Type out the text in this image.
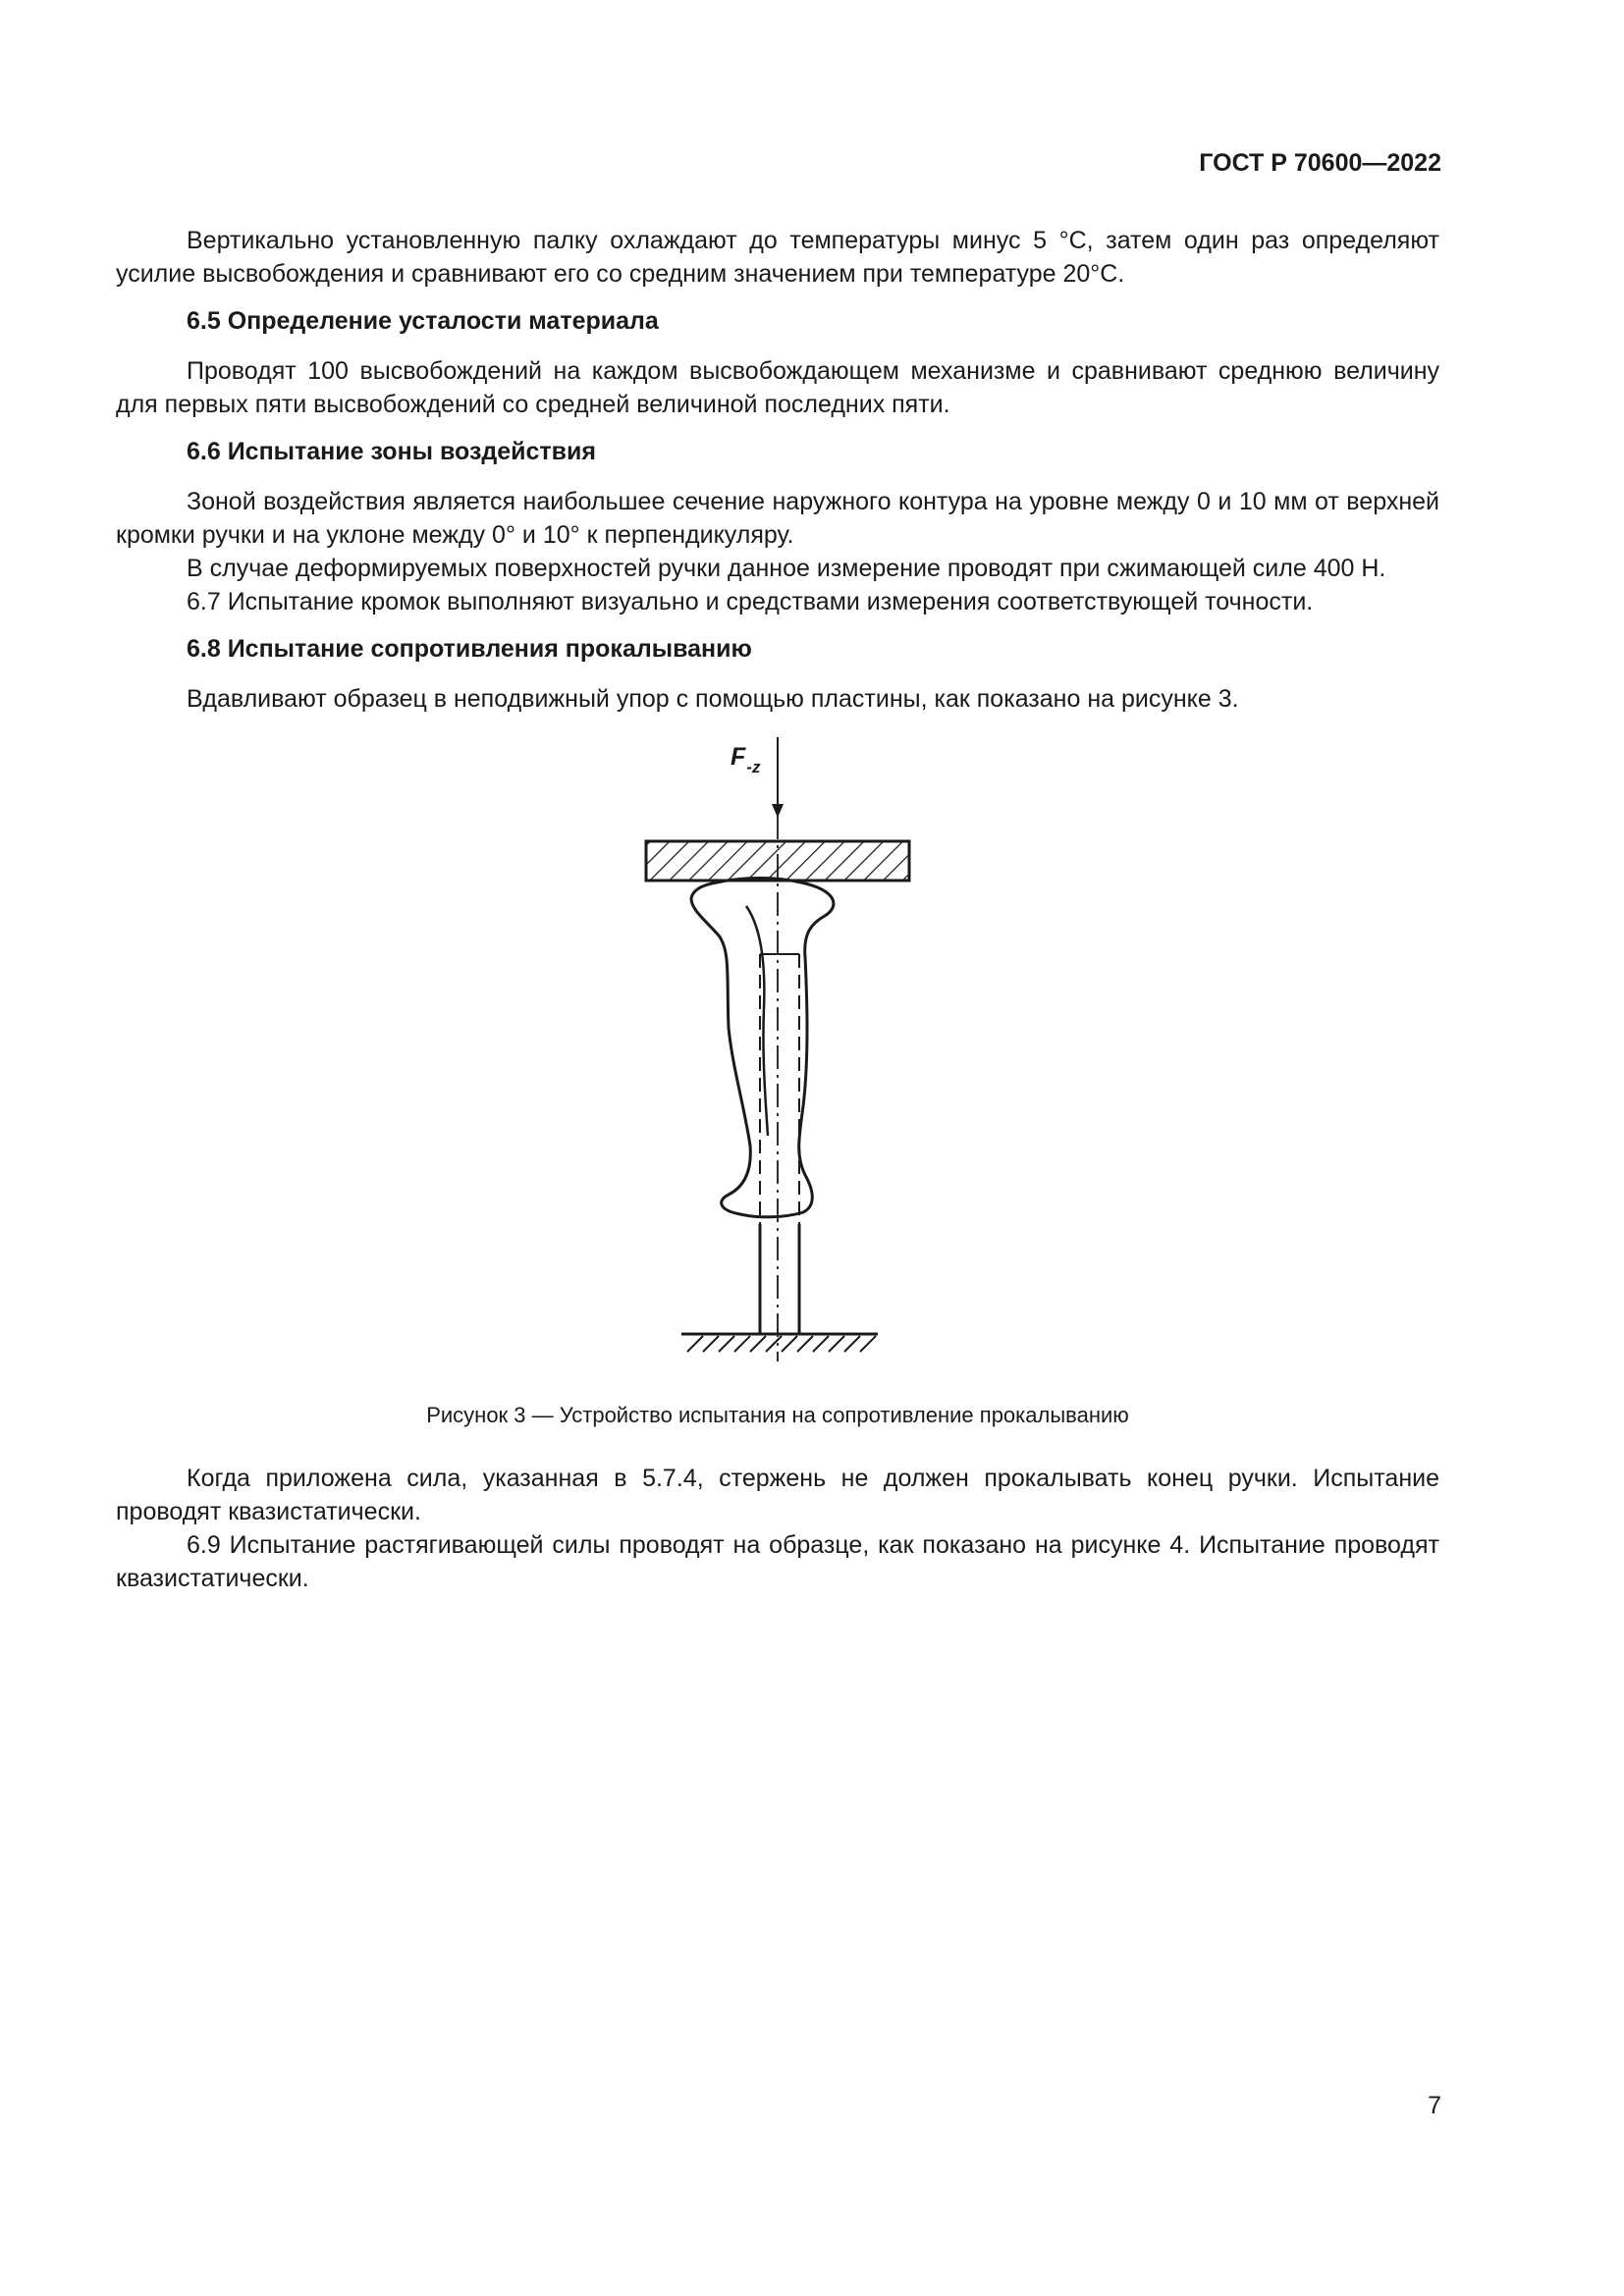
ГОСТ Р 70600—2022

Вертикально установленную палку охлаждают до температуры минус 5 °С, затем один раз определяют усилие высвобождения и сравнивают его со средним значением при температуре 20°С.

6.5 Определение усталости материала

Проводят 100 высвобождений на каждом высвобождающем механизме и сравнивают среднюю величину для первых пяти высвобождений со средней величиной последних пяти.

6.6 Испытание зоны воздействия

Зоной воздействия является наибольшее сечение наружного контура на уровне между 0 и 10 мм от верхней кромки ручки и на уклоне между 0° и 10° к перпендикуляру.

В случае деформируемых поверхностей ручки данное измерение проводят при сжимающей силе 400 Н.

6.7 Испытание кромок выполняют визуально и средствами измерения соответствующей точности.

6.8 Испытание сопротивления прокалыванию

Вдавливают образец в неподвижный упор с помощью пластины, как показано на рисунке 3.

$F_{-z}$

Рисунок 3 — Устройство испытания на сопротивление прокалыванию

Когда приложена сила, указанная в 5.7.4, стержень не должен прокалывать конец ручки. Испытание проводят квазистатически.

6.9 Испытание растягивающей силы проводят на образце, как показано на рисунке 4. Испытание проводят квазистатически.

7
